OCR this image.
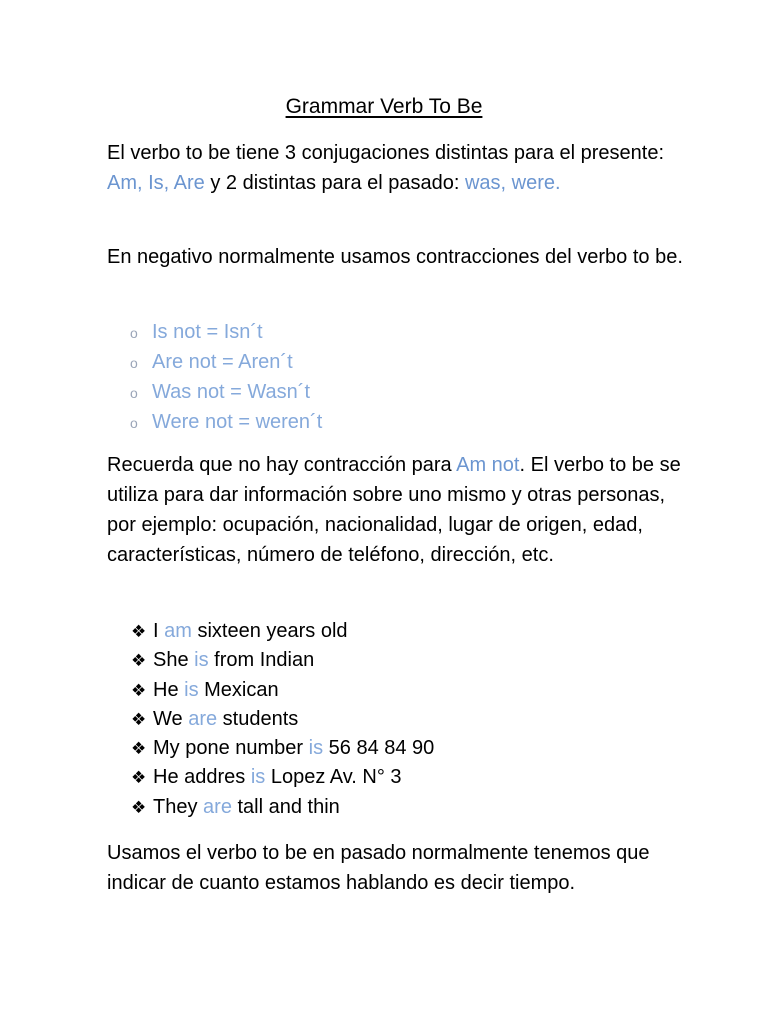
Grammar Verb To Be

El verbo to be tiene 3 conjugaciones distintas para el presente: Am, Is, Are y 2 distintas para el pasado: was, were.

En negativo normalmente usamos contracciones del verbo to be.

o Is not = Isn´t
o Are not = Aren´t
o Was not = Wasn´t
o Were not = weren´t

Recuerda que no hay contracción para Am not. El verbo to be se utiliza para dar información sobre uno mismo y otras personas, por ejemplo: ocupación, nacionalidad, lugar de origen, edad, características, número de teléfono, dirección, etc.

❖ I am sixteen years old
❖ She is from Indian
❖ He is Mexican
❖ We are students
❖ My pone number is 56 84 84 90
❖ He addres is Lopez Av. N° 3
❖ They are tall and thin

Usamos el verbo to be en pasado normalmente tenemos que indicar de cuanto estamos hablando es decir tiempo.
